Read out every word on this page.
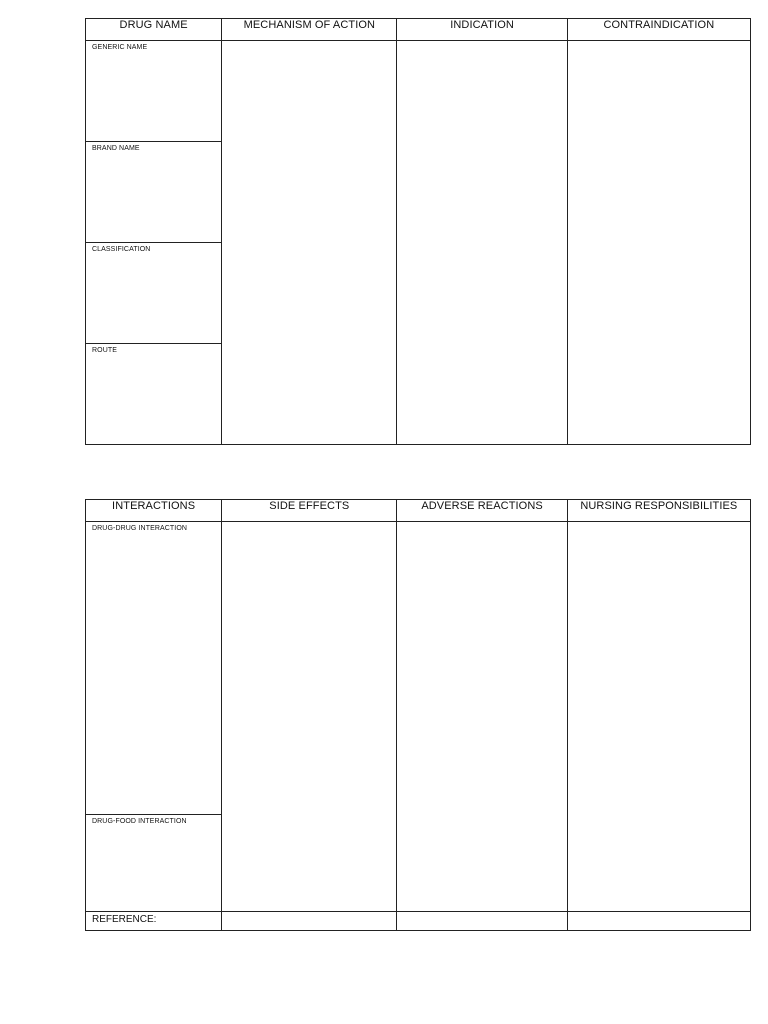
DRUG NAME	MECHANISM OF ACTION	INDICATION	CONTRAINDICATION

GENERIC NAME			

BRAND NAME			

CLASSIFICATION			

ROUTE			
INTERACTIONS	SIDE EFFECTS	ADVERSE REACTIONS	NURSING RESPONSIBILITIES

DRUG-DRUG INTERACTION			

DRUG-FOOD INTERACTION			

REFERENCE:			
